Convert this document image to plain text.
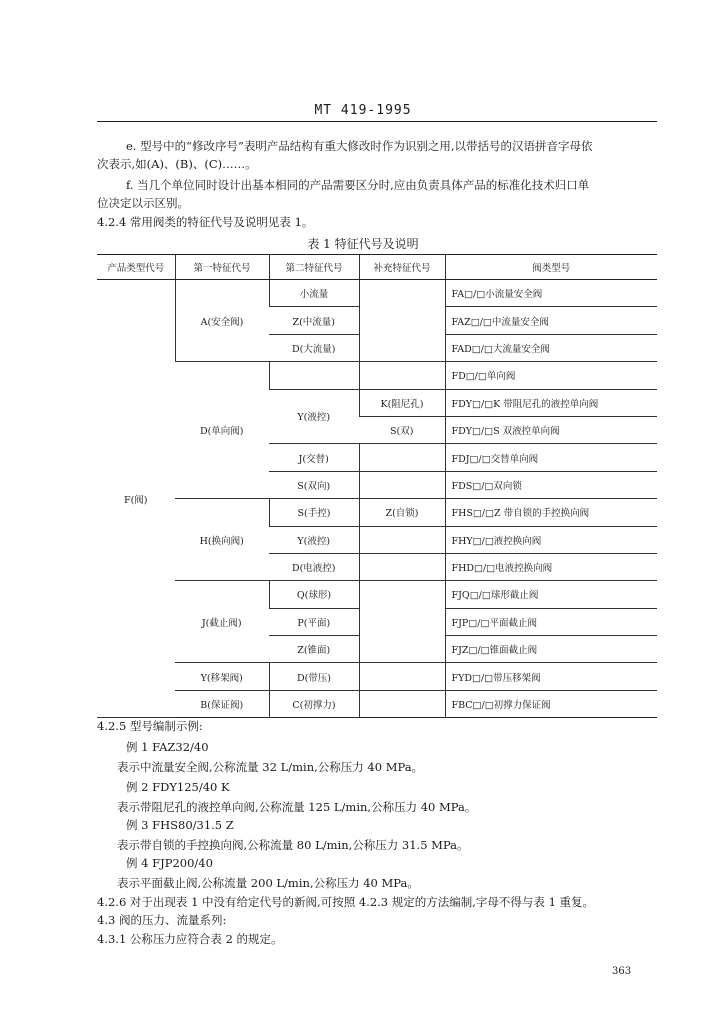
MT 419-1995
e. 型号中的“修改序号”表明产品结构有重大修改时作为识别之用,以带括号的汉语拼音字母依
次表示,如(A)、(B)、(C)……。
f. 当几个单位同时设计出基本相同的产品需要区分时,应由负责具体产品的标准化技术归口单
位决定以示区别。
4.2.4 常用阀类的特征代号及说明见表 1。
表 1 特征代号及说明
产品类型代号	第一特征代号	第二特征代号	补充特征代号	阀类型号
F(阀)	A(安全阀)	小流量		FA□/□小流量安全阀
		Z(中流量)		FAZ□/□中流量安全阀
		D(大流量)		FAD□/□大流量安全阀
	D(单向阀)			FD□/□单向阀
		Y(液控)	K(阻尼孔)	FDY□/□K 带阻尼孔的液控单向阀
			S(双)	FDY□/□S 双液控单向阀
		J(交替)		FDJ□/□交替单向阀
		S(双向)		FDS□/□双向锁
	H(换向阀)	S(手控)	Z(自锁)	FHS□/□Z 带自锁的手控换向阀
		Y(液控)		FHY□/□液控换向阀
		D(电液控)		FHD□/□电液控换向阀
	J(截止阀)	Q(球形)		FJQ□/□球形截止阀
		P(平面)		FJP□/□平面截止阀
		Z(锥面)		FJZ□/□锥面截止阀
	Y(移架阀)	D(带压)		FYD□/□带压移架阀
	B(保证阀)	C(初撑力)		FBC□/□初撑力保证阀
4.2.5 型号编制示例:
例 1 FAZ32/40
表示中流量安全阀,公称流量 32 L/min,公称压力 40 MPa。
例 2 FDY125/40 K
表示带阻尼孔的液控单向阀,公称流量 125 L/min,公称压力 40 MPa。
例 3 FHS80/31.5 Z
表示带自锁的手控换向阀,公称流量 80 L/min,公称压力 31.5 MPa。
例 4 FJP200/40
表示平面截止阀,公称流量 200 L/min,公称压力 40 MPa。
4.2.6 对于出现表 1 中没有给定代号的新阀,可按照 4.2.3 规定的方法编制,字母不得与表 1 重复。
4.3 阀的压力、流量系列:
4.3.1 公称压力应符合表 2 的规定。
363
